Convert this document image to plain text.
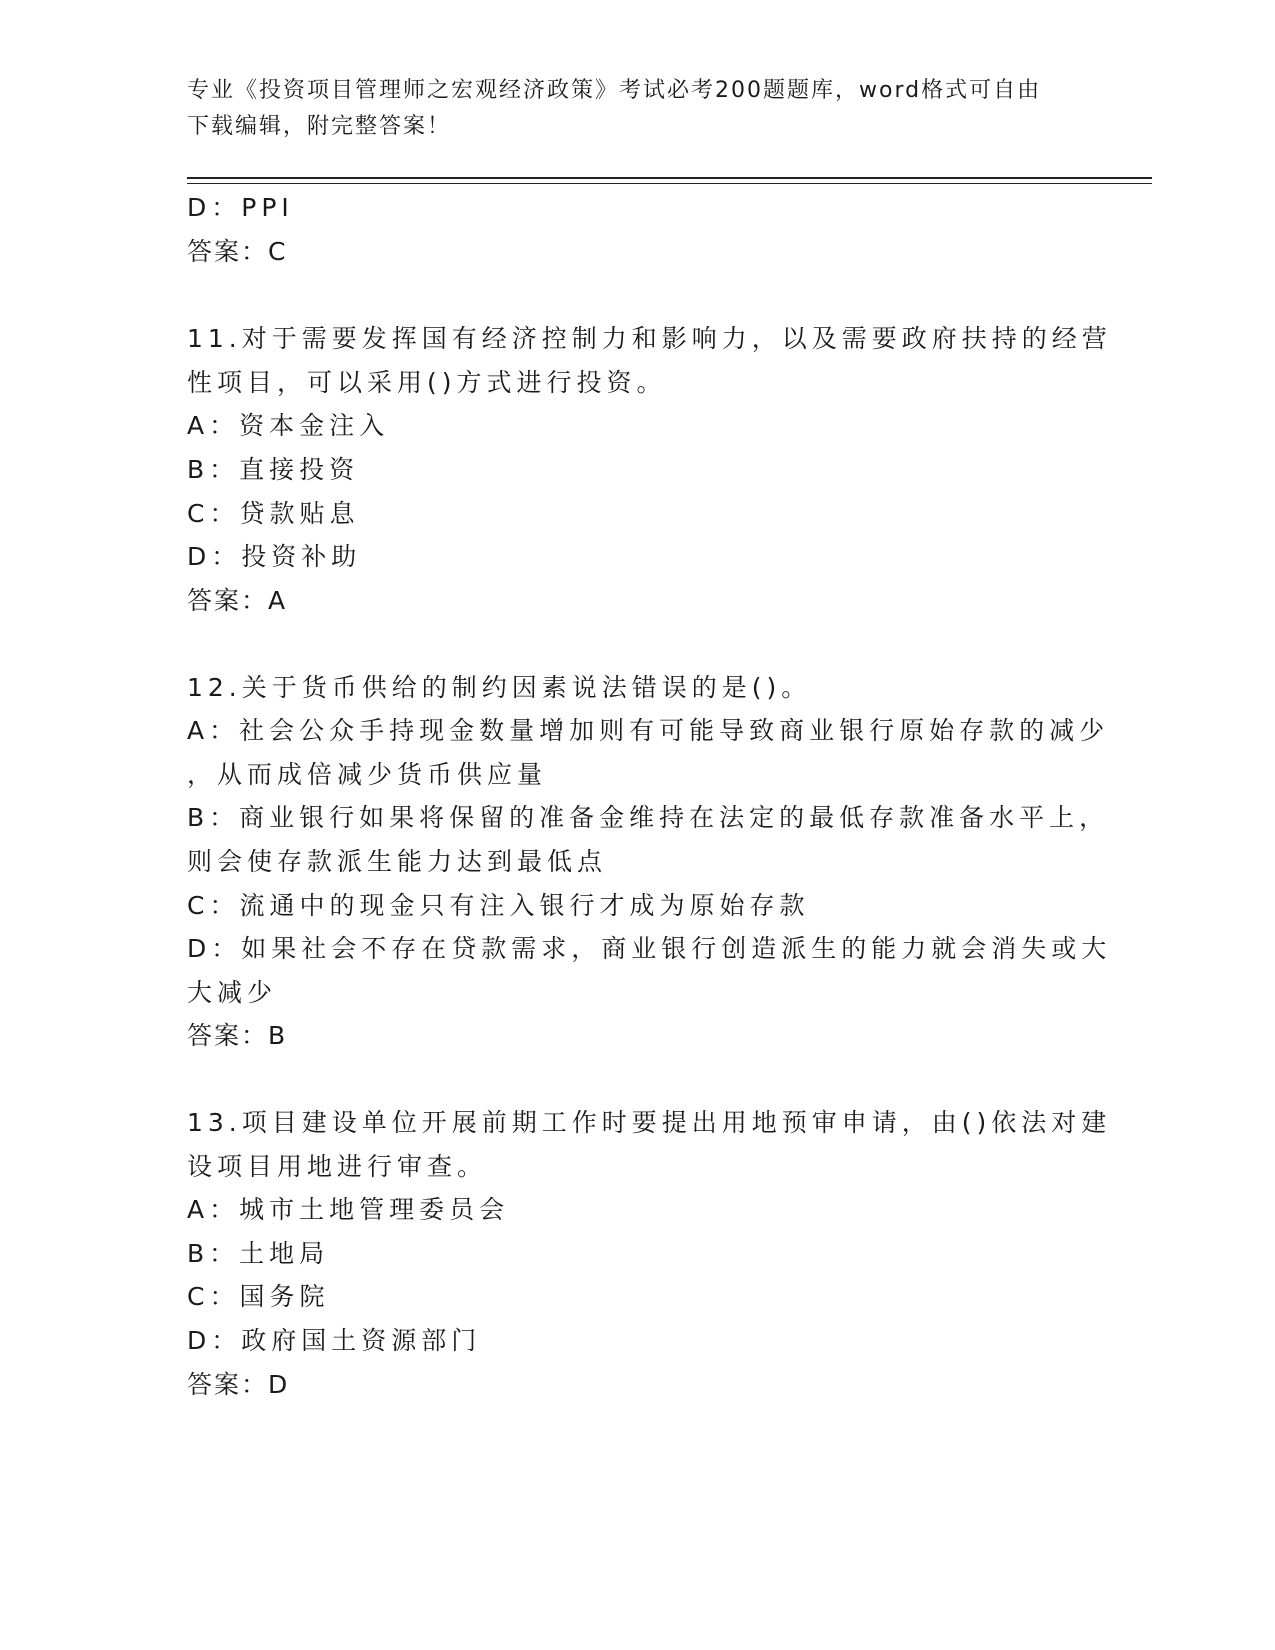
专业《投资项目管理师之宏观经济政策》考试必考200题题库，word格式可自由
下载编辑，附完整答案！
D：PPI
答案：C
11.对于需要发挥国有经济控制力和影响力，以及需要政府扶持的经营
性项目，可以采用()方式进行投资。
A：资本金注入
B：直接投资
C：贷款贴息
D：投资补助
答案：A
12.关于货币供给的制约因素说法错误的是()。
A：社会公众手持现金数量增加则有可能导致商业银行原始存款的减少
，从而成倍减少货币供应量
B：商业银行如果将保留的准备金维持在法定的最低存款准备水平上，
则会使存款派生能力达到最低点
C：流通中的现金只有注入银行才成为原始存款
D：如果社会不存在贷款需求，商业银行创造派生的能力就会消失或大
大减少
答案：B
13.项目建设单位开展前期工作时要提出用地预审申请，由()依法对建
设项目用地进行审查。
A：城市土地管理委员会
B：土地局
C：国务院
D：政府国土资源部门
答案：D
